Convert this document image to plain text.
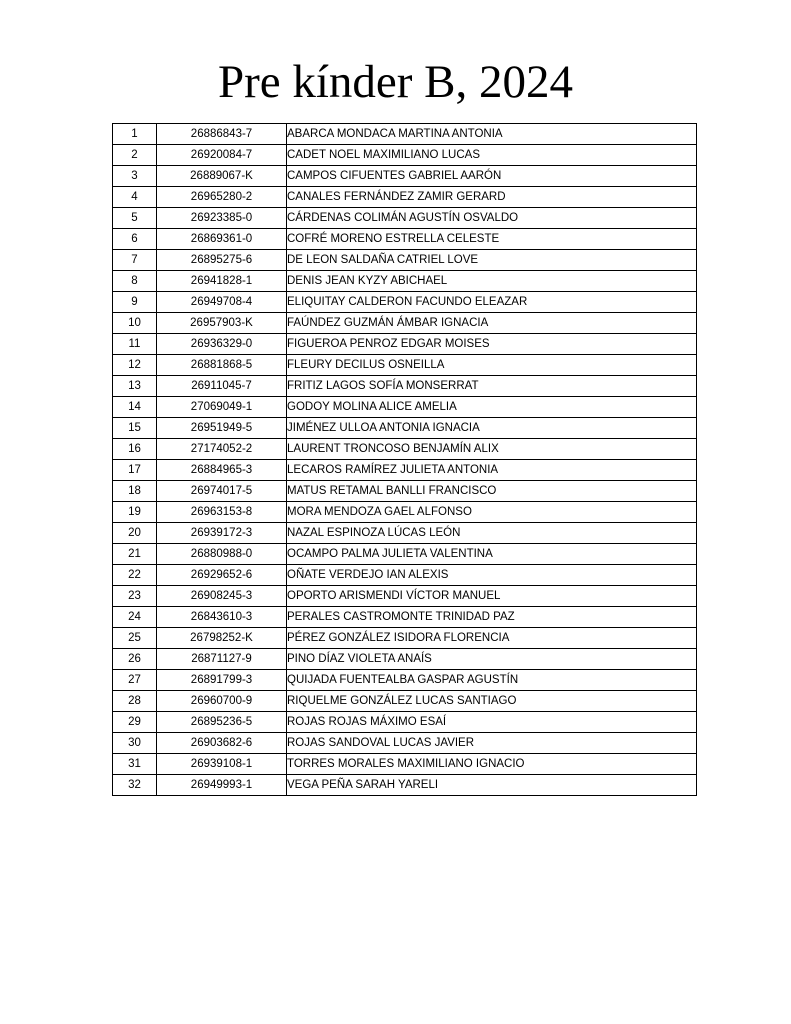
Pre kínder B, 2024
1	26886843-7	ABARCA MONDACA MARTINA ANTONIA
2	26920084-7	CADET NOEL MAXIMILIANO LUCAS
3	26889067-K	CAMPOS CIFUENTES GABRIEL AARÓN
4	26965280-2	CANALES FERNÁNDEZ ZAMIR GERARD
5	26923385-0	CÁRDENAS COLIMÁN AGUSTÍN OSVALDO
6	26869361-0	COFRÉ MORENO ESTRELLA CELESTE
7	26895275-6	DE LEON SALDAÑA CATRIEL LOVE
8	26941828-1	DENIS JEAN KYZY ABICHAEL
9	26949708-4	ELIQUITAY CALDERON FACUNDO ELEAZAR
10	26957903-K	FAÚNDEZ GUZMÁN ÁMBAR IGNACIA
11	26936329-0	FIGUEROA PENROZ EDGAR MOISES
12	26881868-5	FLEURY DECILUS OSNEILLA
13	26911045-7	FRITIZ LAGOS SOFÍA MONSERRAT
14	27069049-1	GODOY MOLINA ALICE AMELIA
15	26951949-5	JIMÉNEZ ULLOA ANTONIA IGNACIA
16	27174052-2	LAURENT TRONCOSO BENJAMÍN ALIX
17	26884965-3	LECAROS RAMÍREZ JULIETA ANTONIA
18	26974017-5	MATUS RETAMAL BANLLI FRANCISCO
19	26963153-8	MORA MENDOZA GAEL ALFONSO
20	26939172-3	NAZAL ESPINOZA LÚCAS LEÓN
21	26880988-0	OCAMPO PALMA JULIETA VALENTINA
22	26929652-6	OÑATE VERDEJO IAN ALEXIS
23	26908245-3	OPORTO ARISMENDI VÍCTOR MANUEL
24	26843610-3	PERALES CASTROMONTE TRINIDAD PAZ
25	26798252-K	PÉREZ GONZÁLEZ ISIDORA FLORENCIA
26	26871127-9	PINO DÍAZ VIOLETA ANAÍS
27	26891799-3	QUIJADA FUENTEALBA GASPAR AGUSTÍN
28	26960700-9	RIQUELME GONZÁLEZ LUCAS SANTIAGO
29	26895236-5	ROJAS ROJAS MÁXIMO ESAÍ
30	26903682-6	ROJAS SANDOVAL LUCAS JAVIER
31	26939108-1	TORRES MORALES MAXIMILIANO IGNACIO
32	26949993-1	VEGA PEÑA SARAH YARELI
